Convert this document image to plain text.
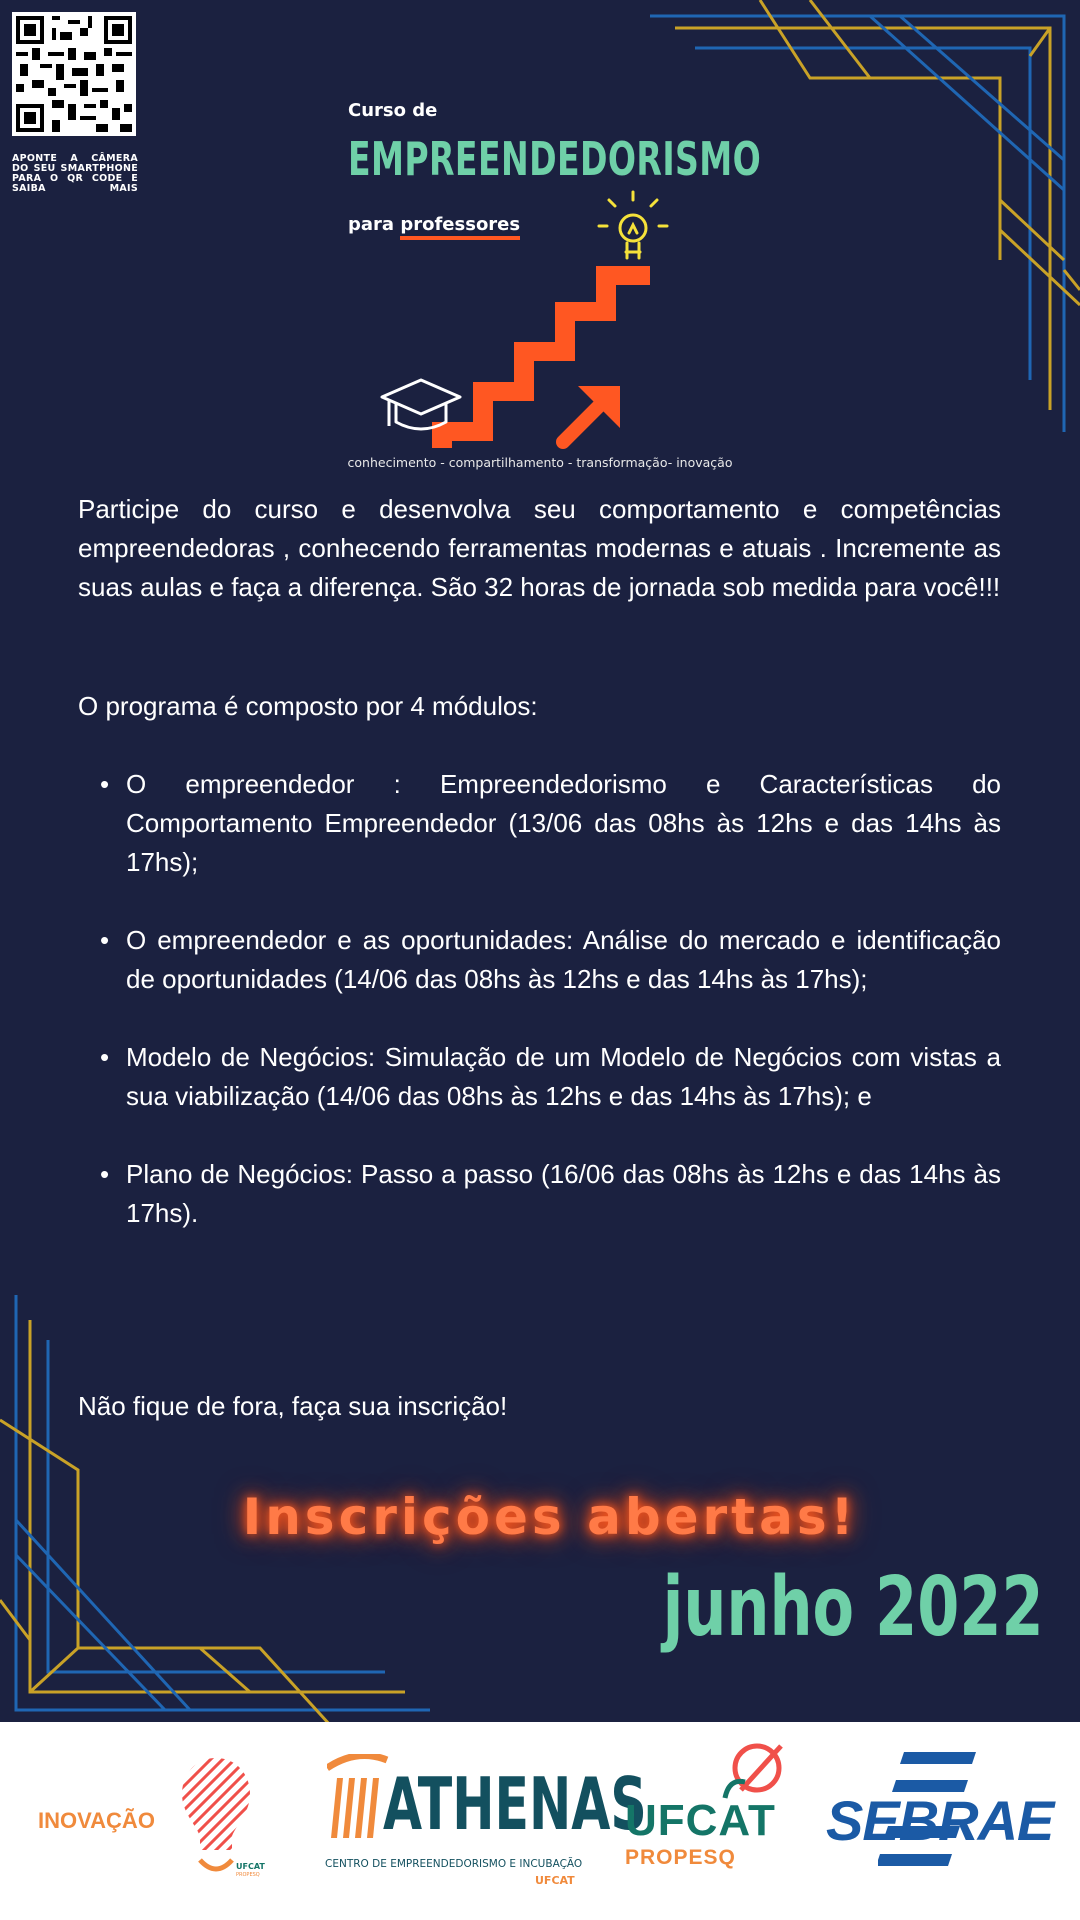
APONTE A CÂMERA DO SEU SMARTPHONE PARA O QR CODE E SAIBA MAIS
Curso de
EMPREENDEDORISMO
para professores
conhecimento - compartilhamento - transformação- inovação

Participe do curso e desenvolva seu comportamento e competências empreendedoras , conhecendo ferramentas modernas e atuais . Incremente as suas aulas e faça a diferença. São 32 horas de jornada sob medida para você!!!

O programa é composto por 4 módulos:

• O empreendedor : Empreendedorismo e Características do Comportamento Empreendedor (13/06 das 08hs às 12hs e das 14hs às 17hs);
• O empreendedor e as oportunidades: Análise do mercado e identificação de oportunidades (14/06 das 08hs às 12hs e das 14hs às 17hs);
• Modelo de Negócios: Simulação de um Modelo de Negócios com vistas a sua viabilização (14/06 das 08hs às 12hs e das 14hs às 17hs); e
• Plano de Negócios: Passo a passo (16/06 das 08hs às 12hs e das 14hs às 17hs).

Não fique de fora, faça sua inscrição!

Inscrições abertas!
junho 2022
INOVAÇÃO
UFCAT
PROPESQ
ATHENAS
CENTRO DE EMPREENDEDORISMO E INCUBAÇÃO
UFCAT
UFCAT
PROPESQ
SEBRAE
